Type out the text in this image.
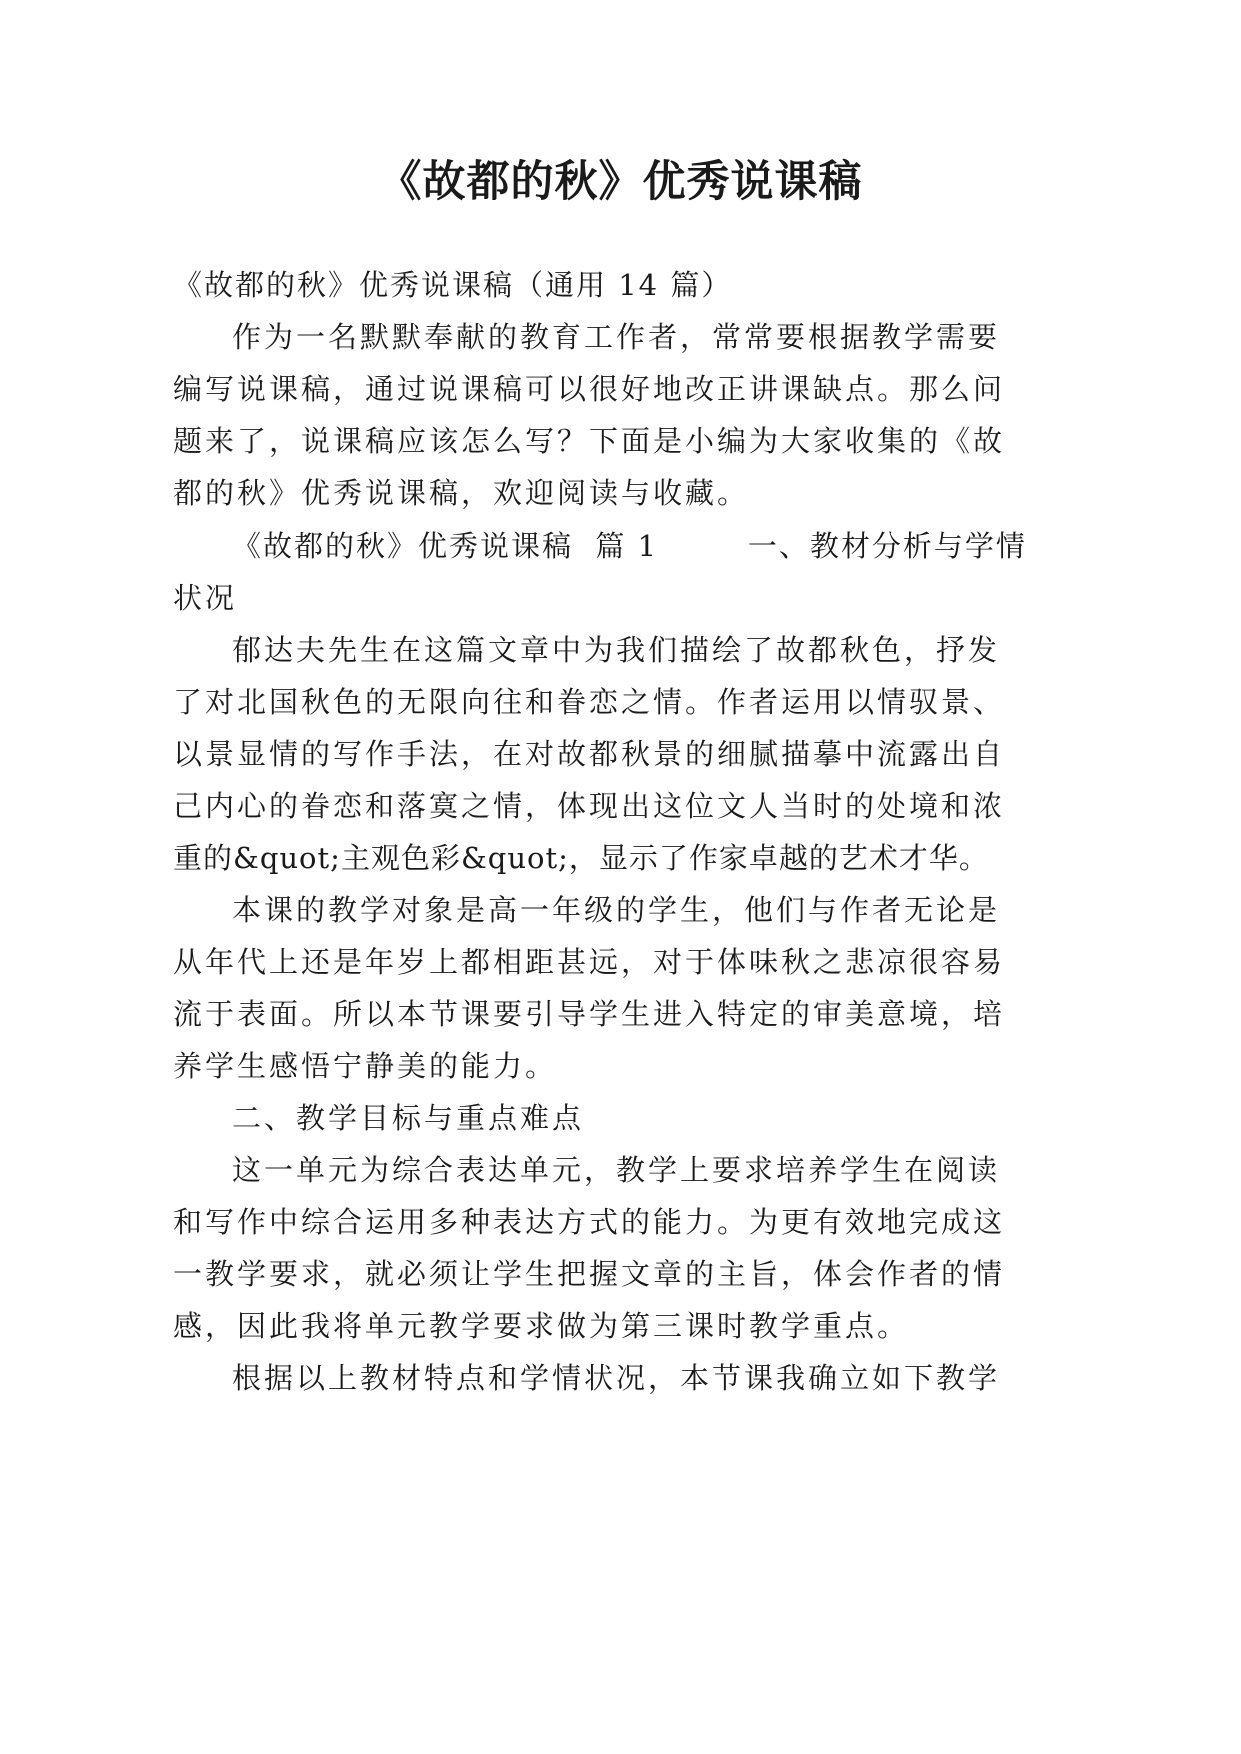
《故都的秋》优秀说课稿
《故都的秋》优秀说课稿（通用 14 篇）
作为一名默默奉献的教育工作者，常常要根据教学需要
编写说课稿，通过说课稿可以很好地改正讲课缺点。那么问
题来了，说课稿应该怎么写？下面是小编为大家收集的《故
都的秋》优秀说课稿，欢迎阅读与收藏。
《故都的秋》优秀说课稿  篇 1        一、教材分析与学情
状况
郁达夫先生在这篇文章中为我们描绘了故都秋色，抒发
了对北国秋色的无限向往和眷恋之情。作者运用以情驭景、
以景显情的写作手法，在对故都秋景的细腻描摹中流露出自
己内心的眷恋和落寞之情，体现出这位文人当时的处境和浓
重的&quot;主观色彩&quot;，显示了作家卓越的艺术才华。
本课的教学对象是高一年级的学生，他们与作者无论是
从年代上还是年岁上都相距甚远，对于体味秋之悲凉很容易
流于表面。所以本节课要引导学生进入特定的审美意境，培
养学生感悟宁静美的能力。
二、教学目标与重点难点
这一单元为综合表达单元，教学上要求培养学生在阅读
和写作中综合运用多种表达方式的能力。为更有效地完成这
一教学要求，就必须让学生把握文章的主旨，体会作者的情
感，因此我将单元教学要求做为第三课时教学重点。
根据以上教材特点和学情状况，本节课我确立如下教学
